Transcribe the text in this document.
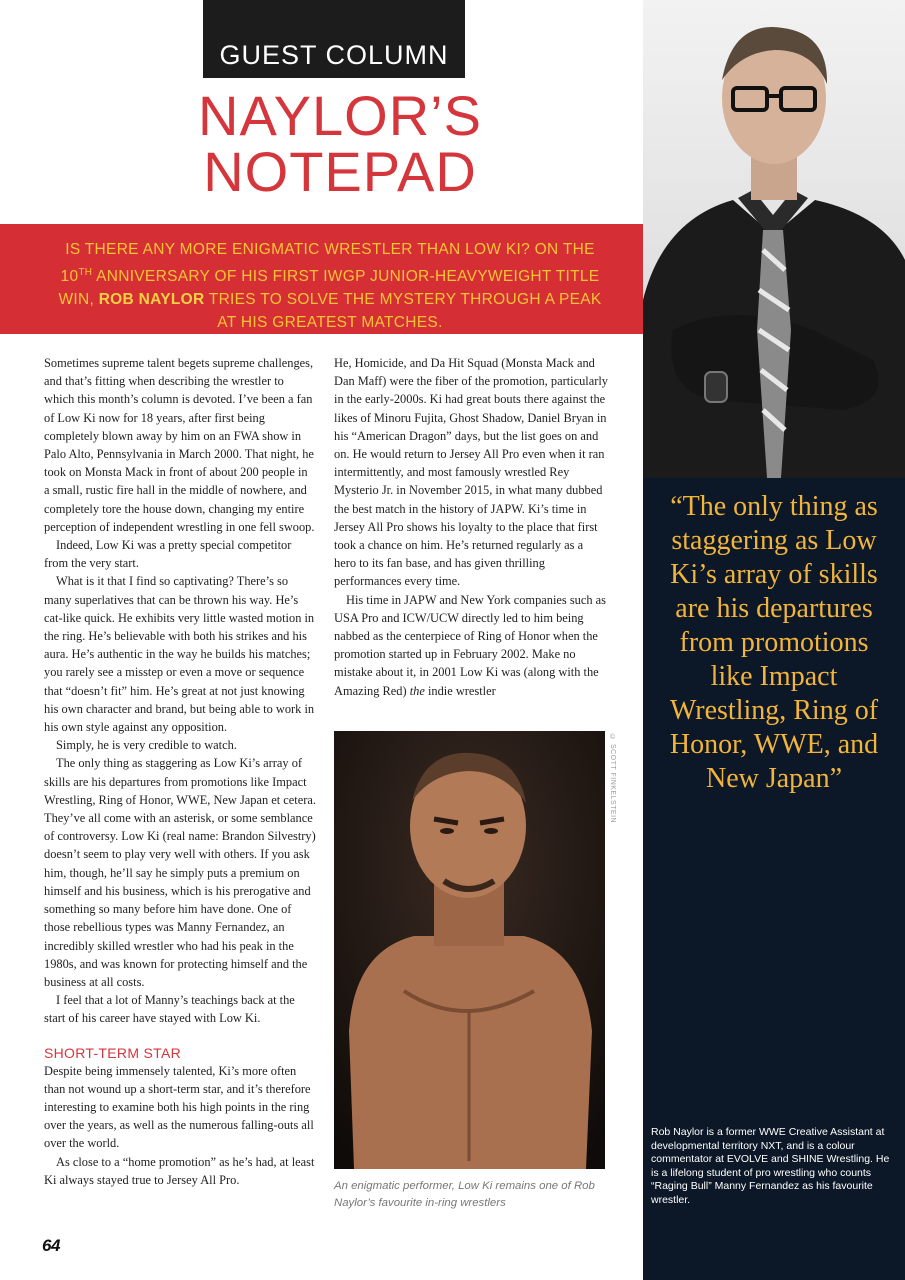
GUEST COLUMN
NAYLOR’S
NOTEPAD
“The only thing as staggering as Low Ki’s array of skills are his departures from promotions like Impact Wrestling, Ring of Honor, WWE, and New Japan”
Rob Naylor is a former WWE Creative Assistant at developmental territory NXT, and is a colour commentator at EVOLVE and SHINE Wrestling. He is a lifelong student of pro wrestling who counts “Raging Bull” Manny Fernandez as his favourite wrestler.
IS THERE ANY MORE ENIGMATIC WRESTLER THAN LOW KI? ON THE
10TH ANNIVERSARY OF HIS FIRST IWGP JUNIOR-HEAVYWEIGHT TITLE
WIN, ROB NAYLOR TRIES TO SOLVE THE MYSTERY THROUGH A PEAK
AT HIS GREATEST MATCHES.

Sometimes supreme talent begets supreme challenges, and that’s fitting when describing the wrestler to which this month’s column is devoted. I’ve been a fan of Low Ki now for 18 years, after first being completely blown away by him on an FWA show in Palo Alto, Pennsylvania in March 2000. That night, he took on Monsta Mack in front of about 200 people in a small, rustic fire hall in the middle of nowhere, and completely tore the house down, changing my entire perception of independent wrestling in one fell swoop.

Indeed, Low Ki was a pretty special competitor from the very start.

What is it that I find so captivating? There’s so many superlatives that can be thrown his way. He’s cat-like quick. He exhibits very little wasted motion in the ring. He’s believable with both his strikes and his aura. He’s authentic in the way he builds his matches; you rarely see a misstep or even a move or sequence that “doesn’t fit” him. He’s great at not just knowing his own character and brand, but being able to work in his own style against any opposition.

Simply, he is very credible to watch.

The only thing as staggering as Low Ki’s array of skills are his departures from promotions like Impact Wrestling, Ring of Honor, WWE, New Japan et cetera. They’ve all come with an asterisk, or some semblance of controversy. Low Ki (real name: Brandon Silvestry) doesn’t seem to play very well with others. If you ask him, though, he’ll say he simply puts a premium on himself and his business, which is his prerogative and something so many before him have done. One of those rebellious types was Manny Fernandez, an incredibly skilled wrestler who had his peak in the 1980s, and was known for protecting himself and the business at all costs.

I feel that a lot of Manny’s teachings back at the start of his career have stayed with Low Ki.

SHORT-TERM STAR

Despite being immensely talented, Ki’s more often than not wound up a short-term star, and it’s therefore interesting to examine both his high points in the ring over the years, as well as the numerous falling-outs all over the world.

As close to a “home promotion” as he’s had, at least Ki always stayed true to Jersey All Pro.

He, Homicide, and Da Hit Squad (Monsta Mack and Dan Maff) were the fiber of the promotion, particularly in the early-2000s. Ki had great bouts there against the likes of Minoru Fujita, Ghost Shadow, Daniel Bryan in his “American Dragon” days, but the list goes on and on. He would return to Jersey All Pro even when it ran intermittently, and most famously wrestled Rey Mysterio Jr. in November 2015, in what many dubbed the best match in the history of JAPW. Ki’s time in Jersey All Pro shows his loyalty to the place that first took a chance on him. He’s returned regularly as a hero to its fan base, and has given thrilling performances every time.

His time in JAPW and New York companies such as USA Pro and ICW/UCW directly led to him being nabbed as the centerpiece of Ring of Honor when the promotion started up in February 2002. Make no mistake about it, in 2001 Low Ki was (along with the Amazing Red) the indie wrestler

© SCOTT FINKELSTEIN
An enigmatic performer, Low Ki remains one of Rob Naylor’s favourite in-ring wrestlers
64
